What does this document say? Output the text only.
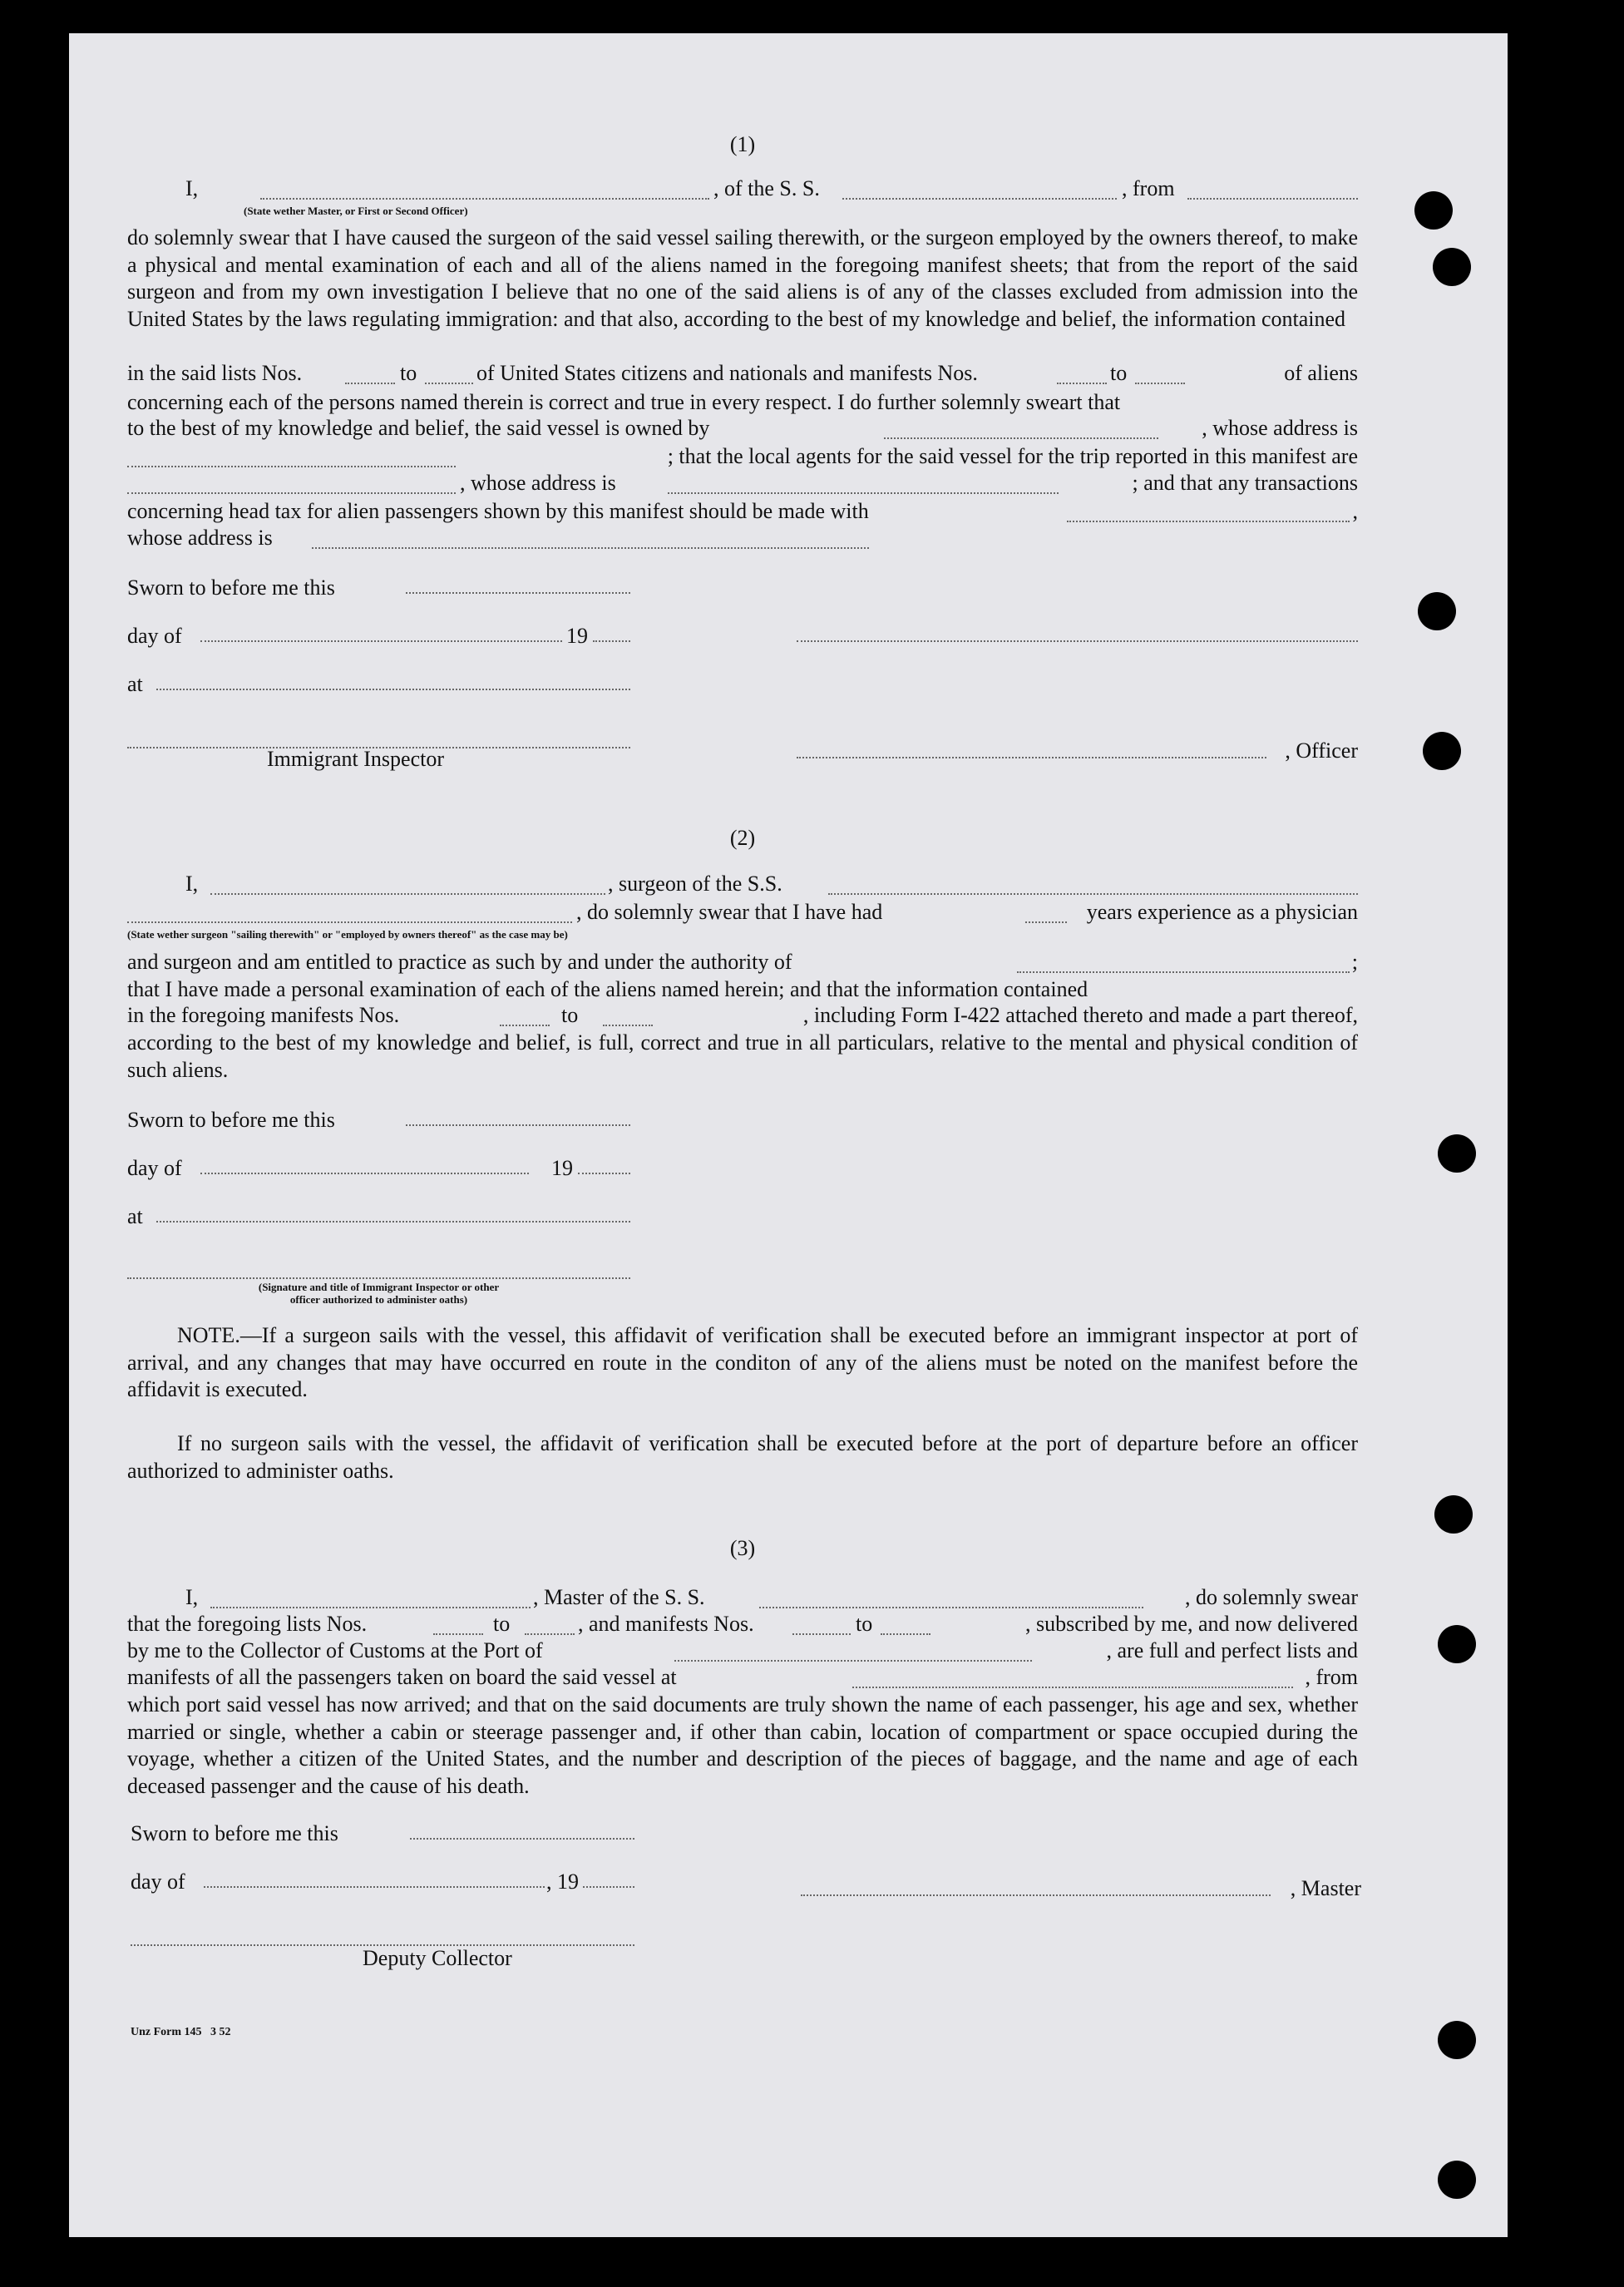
(1)
I,	, of the S. S.	, from
(State wether Master, or First or Second Officer)
do solemnly swear that I have caused the surgeon of the said vessel sailing therewith, or the surgeon employed by the owners thereof, to make a physical and mental examination of each and all of the aliens named in the foregoing manifest sheets; that from the report of the said surgeon and from my own investigation I believe that no one of the said aliens is of any of the classes excluded from admission into the United States by the laws regulating immigration: and that also, according to the best of my knowledge and belief, the information contained
in the said lists Nos.	to	of United States citizens and nationals and manifests Nos.	to	of aliens
concerning each of the persons named therein is correct and true in every respect. I do further solemnly sweart that
to the best of my knowledge and belief, the said vessel is owned by	, whose address is
; that the local agents for the said vessel for the trip reported in this manifest are
, whose address is	; and that any transactions
concerning head tax for alien passengers shown by this manifest should be made with	,
whose address is
Sworn to before me this
day of	19
at
Immigrant Inspector	, Officer
(2)
I,	, surgeon of the S.S.
, do solemnly swear that I have had	years experience as a physician
(State wether surgeon "sailing therewith" or "employed by owners thereof" as the case may be)
and surgeon and am entitled to practice as such by and under the authority of	;
that I have made a personal examination of each of the aliens named herein; and that the information contained
in the foregoing manifests Nos.	to	, including Form I-422 attached thereto and made a part thereof,
according to the best of my knowledge and belief, is full, correct and true in all particulars, relative to the mental and physical condition of such aliens.
Sworn to before me this
day of	19
at
(Signature and title of Immigrant Inspector or other
officer authorized to administer oaths)
NOTE.—If a surgeon sails with the vessel, this affidavit of verification shall be executed before an immigrant inspector at port of arrival, and any changes that may have occurred en route in the conditon of any of the aliens must be noted on the manifest before the affidavit is executed.
If no surgeon sails with the vessel, the affidavit of verification shall be executed before at the port of departure before an officer authorized to administer oaths.
(3)
I,	, Master of the S. S.	, do solemnly swear
that the foregoing lists Nos.	to	, and manifests Nos.	to	, subscribed by me, and now delivered
by me to the Collector of Customs at the Port of	, are full and perfect lists and
manifests of all the passengers taken on board the said vessel at	, from
which port said vessel has now arrived; and that on the said documents are truly shown the name of each passenger, his age and sex, whether married or single, whether a cabin or steerage passenger and, if other than cabin, location of compartment or space occupied during the voyage, whether a citizen of the United States, and the number and description of the pieces of baggage, and the name and age of each deceased passenger and the cause of his death.
Sworn to before me this
day of	, 19	, Master
Deputy Collector
Unz Form 145   3 52
